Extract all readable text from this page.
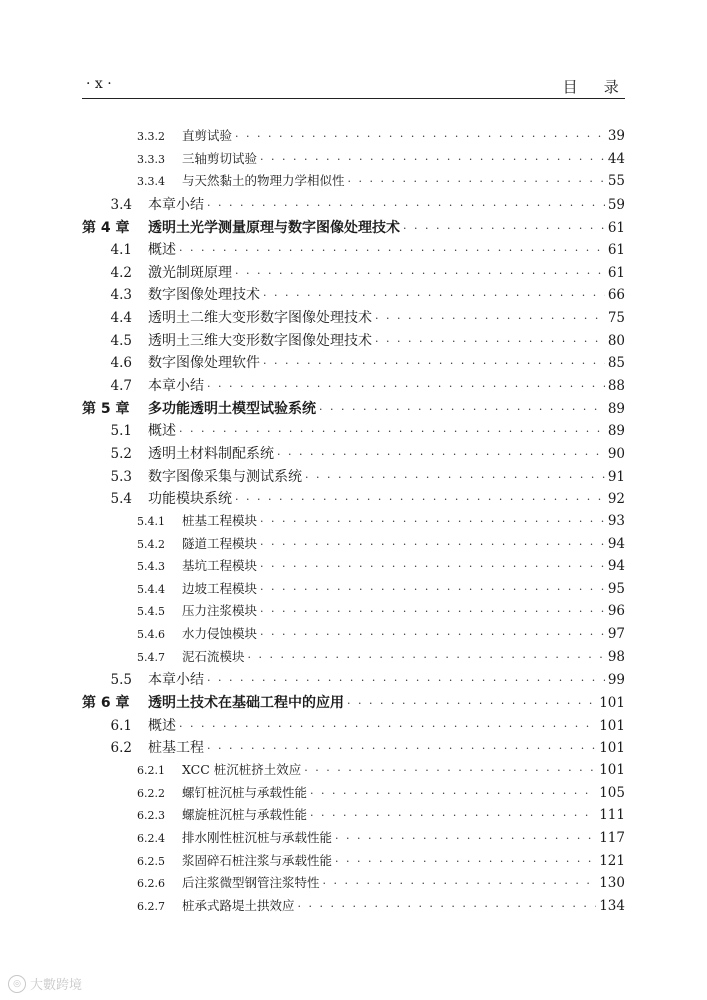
· x ·	目 录
3.3.2	直剪试验 · · ·	39
3.3.3	三轴剪切试验 · · ·	44
3.3.4	与天然黏土的物理力学相似性 · · ·	55
3.4	本章小结 · · ·	59
第 4 章	透明土光学测量原理与数字图像处理技术 · · ·	61
4.1	概述 · · ·	61
4.2	激光制斑原理 · · ·	61
4.3	数字图像处理技术 · · ·	66
4.4	透明土二维大变形数字图像处理技术 · · ·	75
4.5	透明土三维大变形数字图像处理技术 · · ·	80
4.6	数字图像处理软件 · · ·	85
4.7	本章小结 · · ·	88
第 5 章	多功能透明土模型试验系统 · · ·	89
5.1	概述 · · ·	89
5.2	透明土材料制配系统 · · ·	90
5.3	数字图像采集与测试系统 · · ·	91
5.4	功能模块系统 · · ·	92
5.4.1	桩基工程模块 · · ·	93
5.4.2	隧道工程模块 · · ·	94
5.4.3	基坑工程模块 · · ·	94
5.4.4	边坡工程模块 · · ·	95
5.4.5	压力注浆模块 · · ·	96
5.4.6	水力侵蚀模块 · · ·	97
5.4.7	泥石流模块 · · ·	98
5.5	本章小结 · · ·	99
第 6 章	透明土技术在基础工程中的应用 · · ·	101
6.1	概述 · · ·	101
6.2	桩基工程 · · ·	101
6.2.1	XCC 桩沉桩挤土效应 · · ·	101
6.2.2	螺钉桩沉桩与承载性能 · · ·	105
6.2.3	螺旋桩沉桩与承载性能 · · ·	111
6.2.4	排水刚性桩沉桩与承载性能 · · ·	117
6.2.5	浆固碎石桩注浆与承载性能 · · ·	121
6.2.6	后注浆微型钢管注浆特性 · · ·	130
6.2.7	桩承式路堤土拱效应 · · ·	134
◎ 大數跨境
